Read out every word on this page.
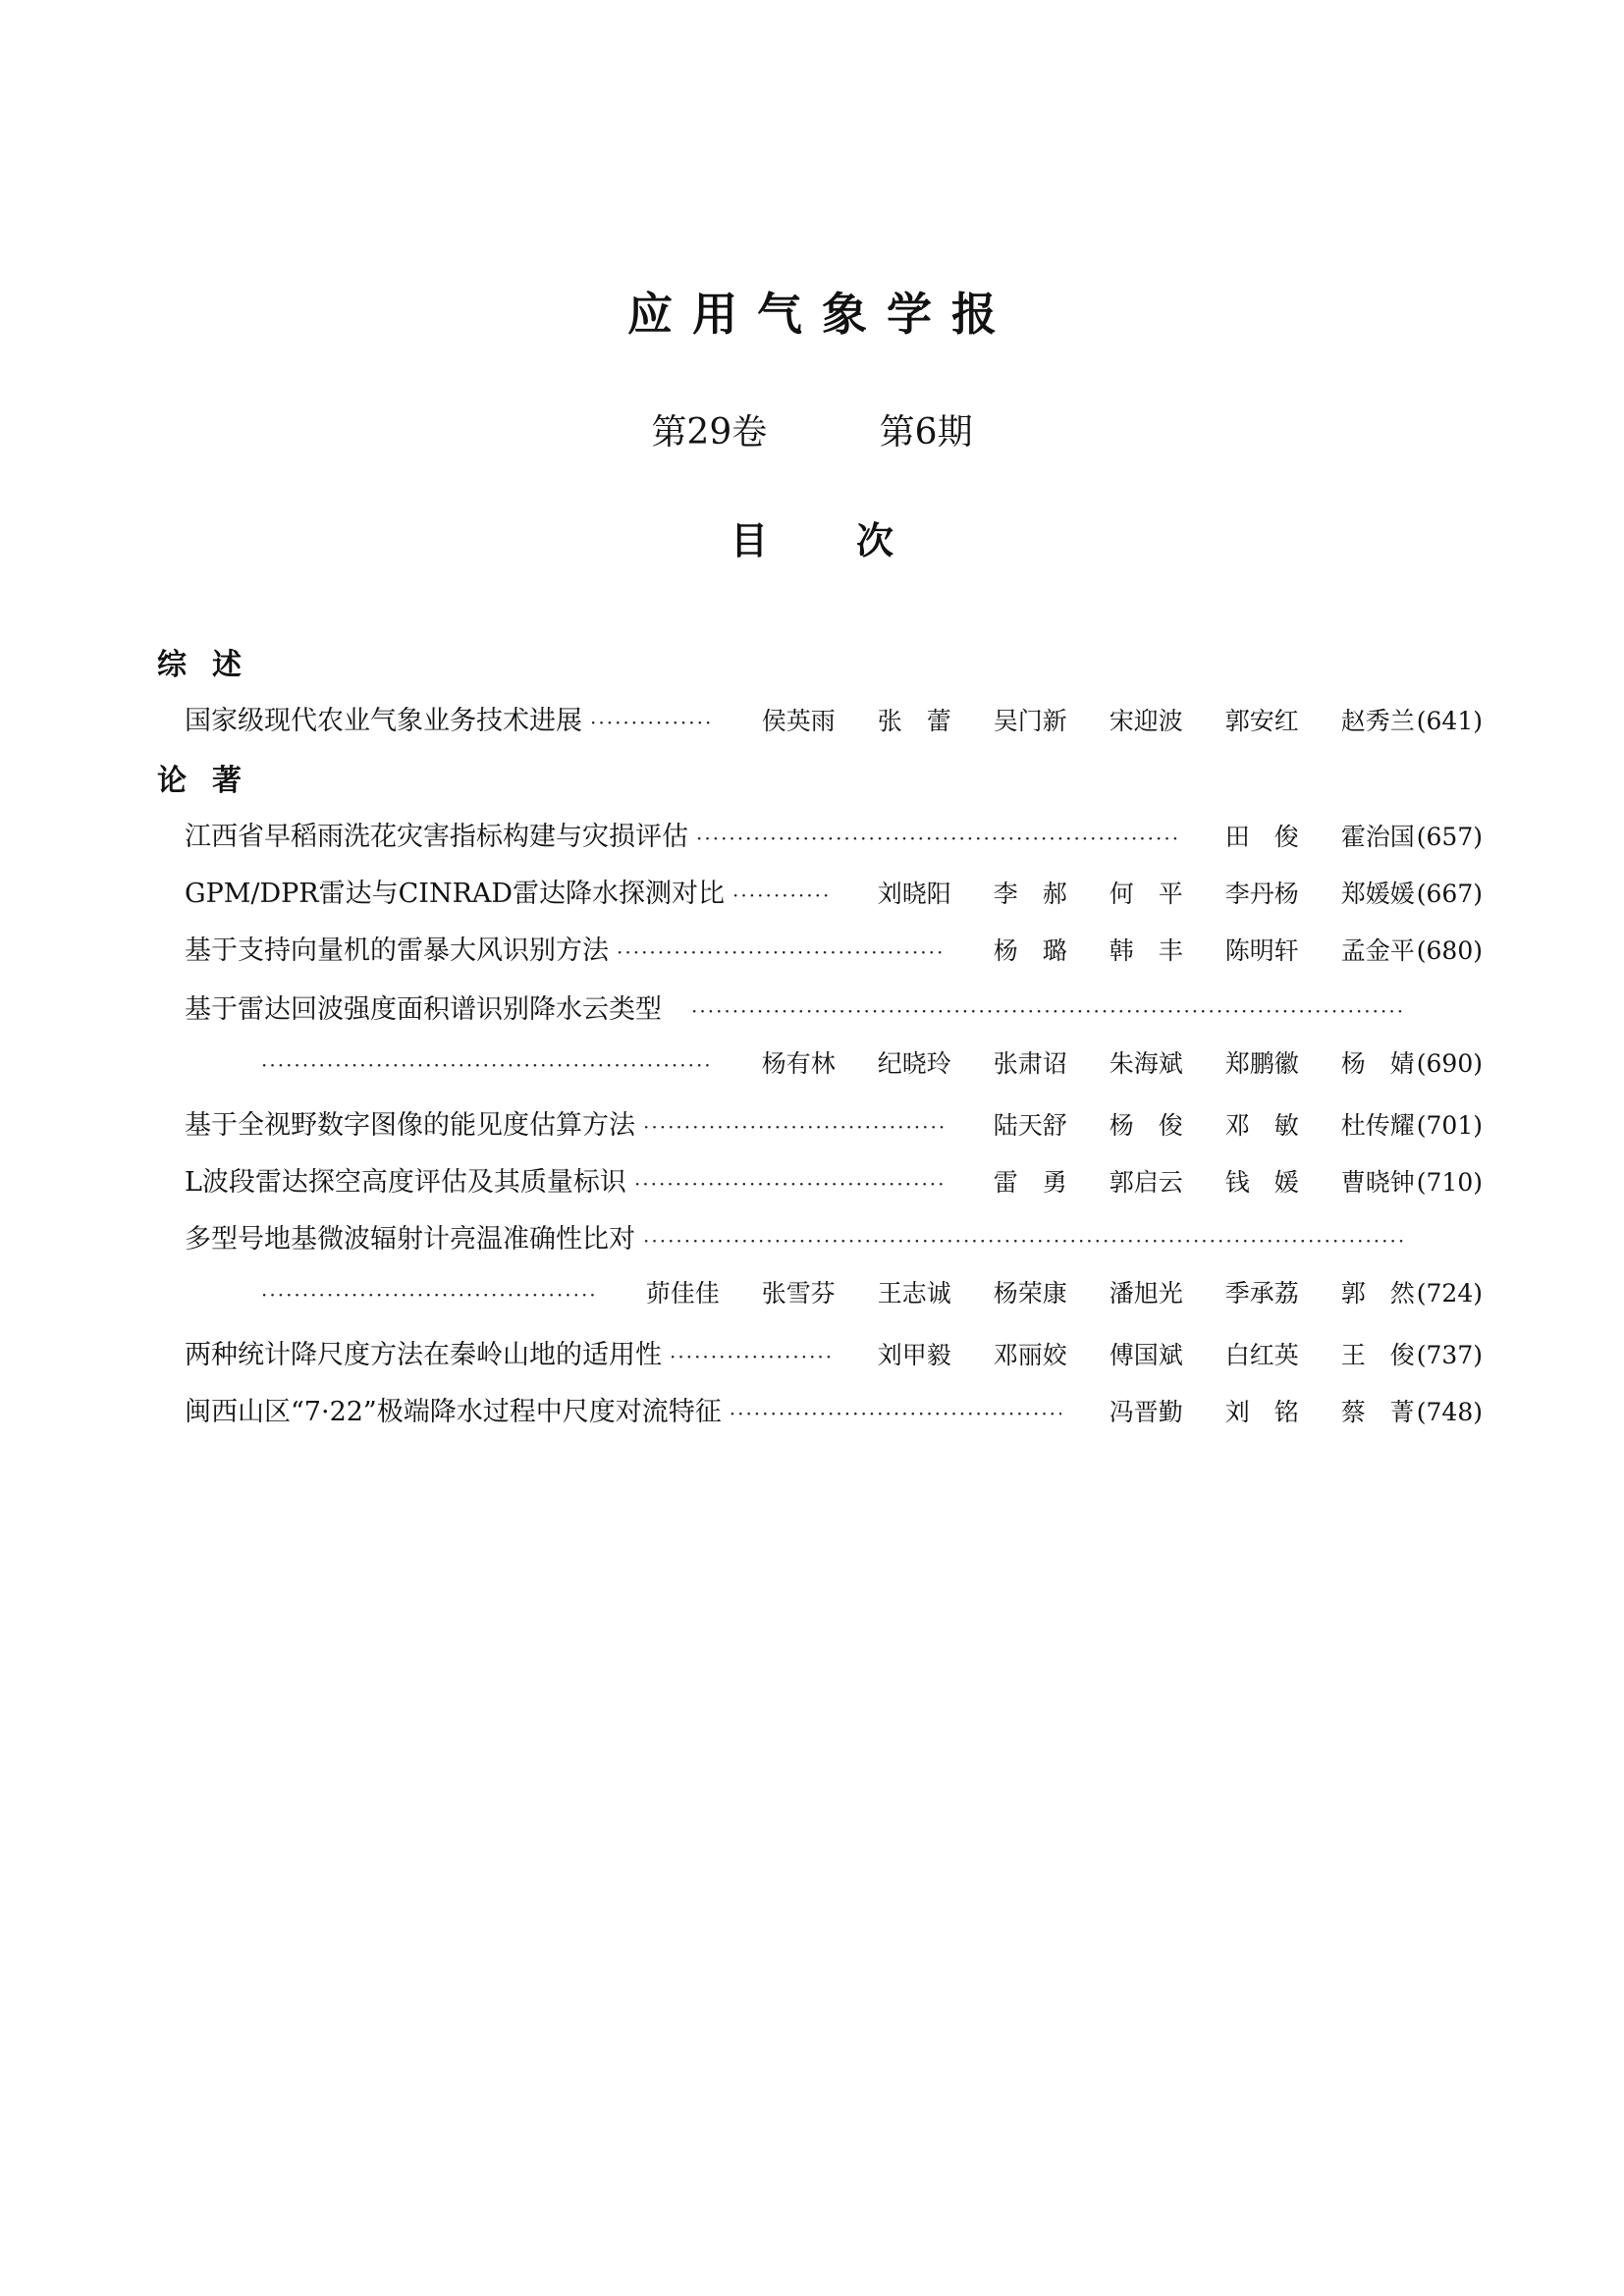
应用气象学报
第29卷	第6期
目次
综述
国家级现代农业气象业务技术进展 ·····	侯英雨	张　蕾	吴门新	宋迎波	郭安红	赵秀兰 (641)
论著
江西省早稻雨洗花灾害指标构建与灾损评估 ·····	田　俊	霍治国 (657)
GPM/DPR雷达与CINRAD雷达降水探测对比 ·····	刘晓阳	李　郝	何　平	李丹杨	郑媛媛 (667)
基于支持向量机的雷暴大风识别方法 ·····	杨　璐	韩　丰	陈明轩	孟金平 (680)
基于雷达回波强度面积谱识别降水云类型
·····
·····
杨有林	纪晓玲	张肃诏	朱海斌	郑鹏徽	杨　婧 (690)
基于全视野数字图像的能见度估算方法 ·····	陆天舒	杨　俊	邓　敏	杜传耀 (701)
L波段雷达探空高度评估及其质量标识 ·····	雷　勇	郭启云	钱　媛	曹晓钟 (710)
多型号地基微波辐射计亮温准确性比对
·····
·····
茆佳佳	张雪芬	王志诚	杨荣康	潘旭光	季承荔	郭　然 (724)
两种统计降尺度方法在秦岭山地的适用性 ·····	刘甲毅	邓丽姣	傅国斌	白红英	王　俊 (737)
闽西山区“7·22”极端降水过程中尺度对流特征 ·····	冯晋勤	刘　铭	蔡　菁 (748)
